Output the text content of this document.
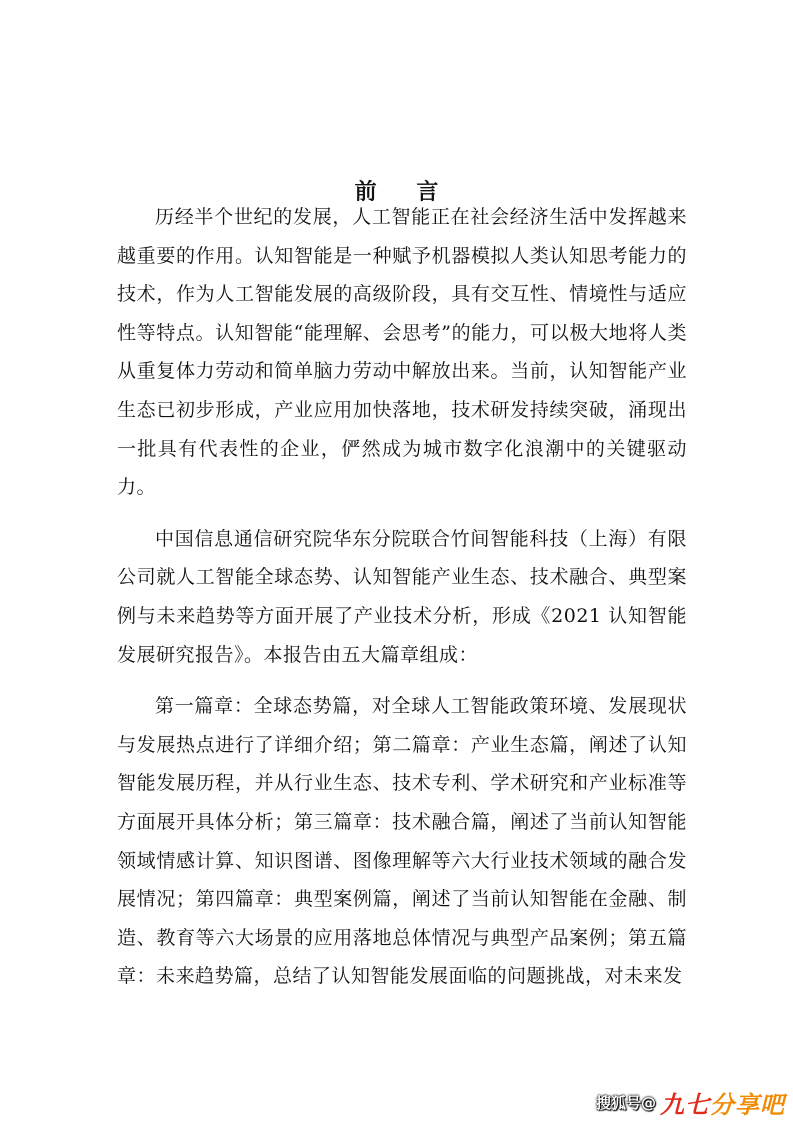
前 言

历经半个世纪的发展，人工智能正在社会经济生活中发挥越来越重要的作用。认知智能是一种赋予机器模拟人类认知思考能力的技术，作为人工智能发展的高级阶段，具有交互性、情境性与适应性等特点。认知智能“能理解、会思考”的能力，可以极大地将人类从重复体力劳动和简单脑力劳动中解放出来。当前，认知智能产业生态已初步形成，产业应用加快落地，技术研发持续突破，涌现出一批具有代表性的企业，俨然成为城市数字化浪潮中的关键驱动力。

中国信息通信研究院华东分院联合竹间智能科技（上海）有限公司就人工智能全球态势、认知智能产业生态、技术融合、典型案例与未来趋势等方面开展了产业技术分析，形成《2021 认知智能发展研究报告》。本报告由五大篇章组成：

第一篇章：全球态势篇，对全球人工智能政策环境、发展现状与发展热点进行了详细介绍；第二篇章：产业生态篇，阐述了认知智能发展历程，并从行业生态、技术专利、学术研究和产业标准等方面展开具体分析；第三篇章：技术融合篇，阐述了当前认知智能领域情感计算、知识图谱、图像理解等六大行业技术领域的融合发展情况；第四篇章：典型案例篇，阐述了当前认知智能在金融、制造、教育等六大场景的应用落地总体情况与典型产品案例；第五篇章：未来趋势篇，总结了认知智能发展面临的问题挑战，对未来发

搜狐号@ 九七分享吧
